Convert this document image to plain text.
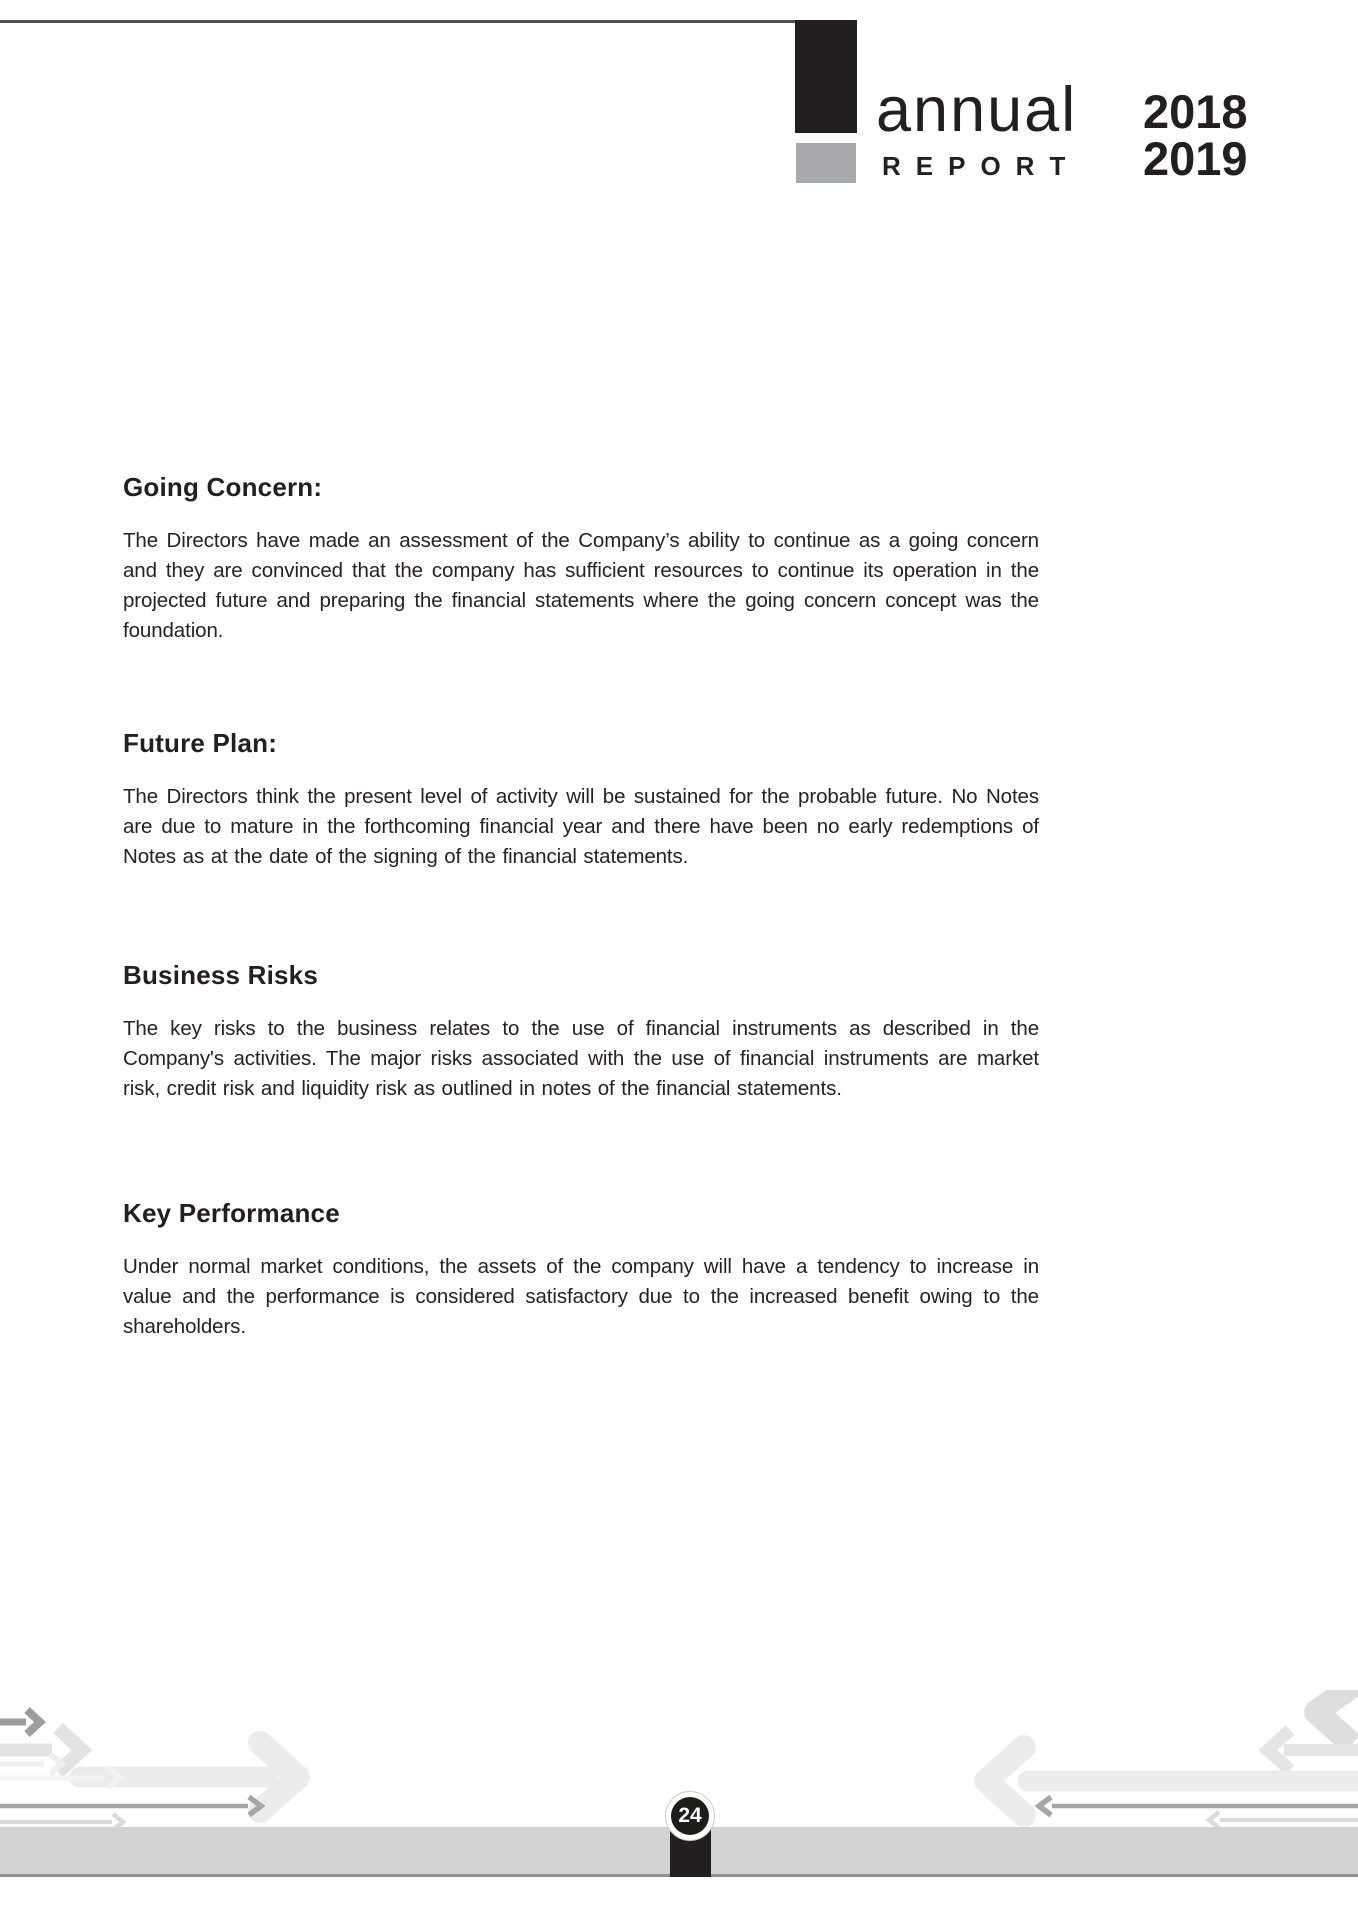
annual
REPORT
2018
2019
Going Concern:

The Directors have made an assessment of the Company’s ability to continue as a going concern and they are convinced that the company has sufficient resources to continue its operation in the projected future and preparing the financial statements where the going concern concept was the foundation.

Future Plan:

The Directors think the present level of activity will be sustained for the probable future. No Notes are due to mature in the forthcoming financial year and there have been no early redemptions of Notes as at the date of the signing of the financial statements.

Business Risks

The key risks to the business relates to the use of financial instruments as described in the Company's activities. The major risks associated with the use of financial instruments are market risk, credit risk and liquidity risk as outlined in notes of the financial statements.

Key Performance

Under normal market conditions, the assets of the company will have a tendency to increase in value and the performance is considered satisfactory due to the increased benefit owing to the shareholders.

24
